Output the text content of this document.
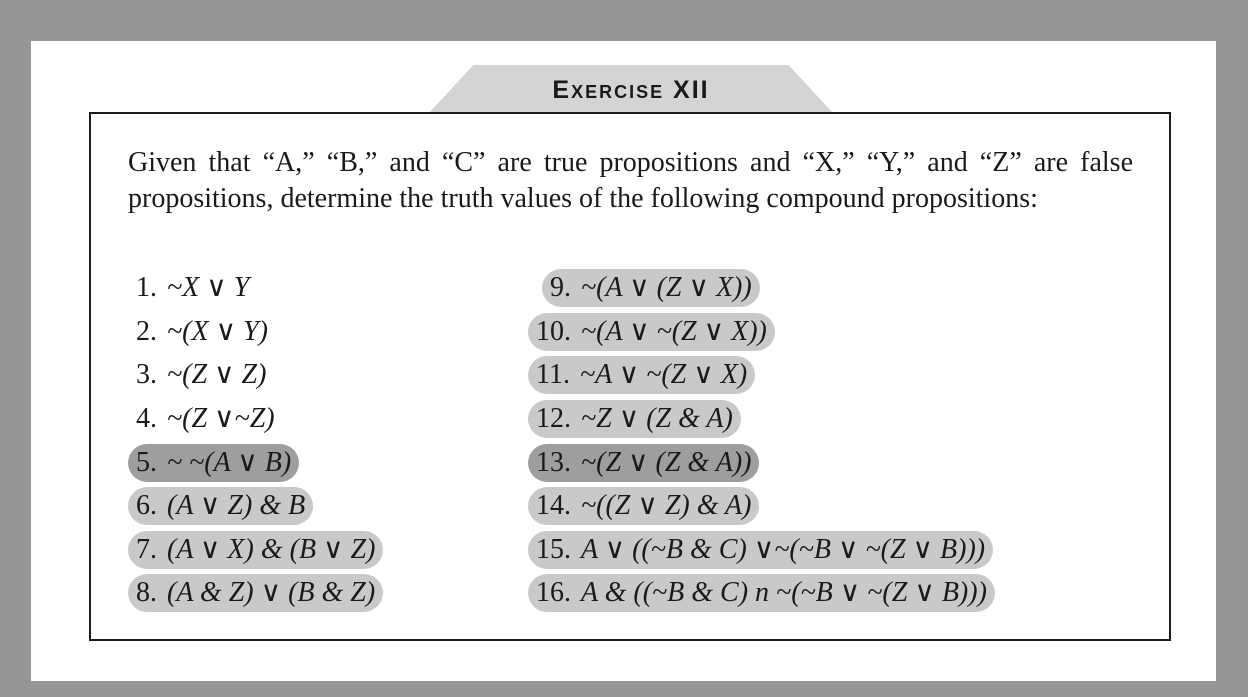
Exercise XII
Given that “A,” “B,” and “C” are true propositions and “X,” “Y,” and “Z” are false propositions, determine the truth values of the following compound propositions:
1. ~X ∨ Y
2. ~(X ∨ Y)
3. ~(Z ∨ Z)
4. ~(Z ∨~Z)
5. ~ ~(A ∨ B)
6. (A ∨ Z) & B
7. (A ∨ X) & (B ∨ Z)
8. (A & Z) ∨ (B & Z)
9. ~(A ∨ (Z ∨ X))
10. ~(A ∨ ~(Z ∨ X))
11. ~A ∨ ~(Z ∨ X)
12. ~Z ∨ (Z & A)
13. ~(Z ∨ (Z & A))
14. ~((Z ∨ Z) & A)
15. A ∨ ((~B & C) ∨~(~B ∨ ~(Z ∨ B)))
16. A & ((~B & C) n ~(~B ∨ ~(Z ∨ B)))
